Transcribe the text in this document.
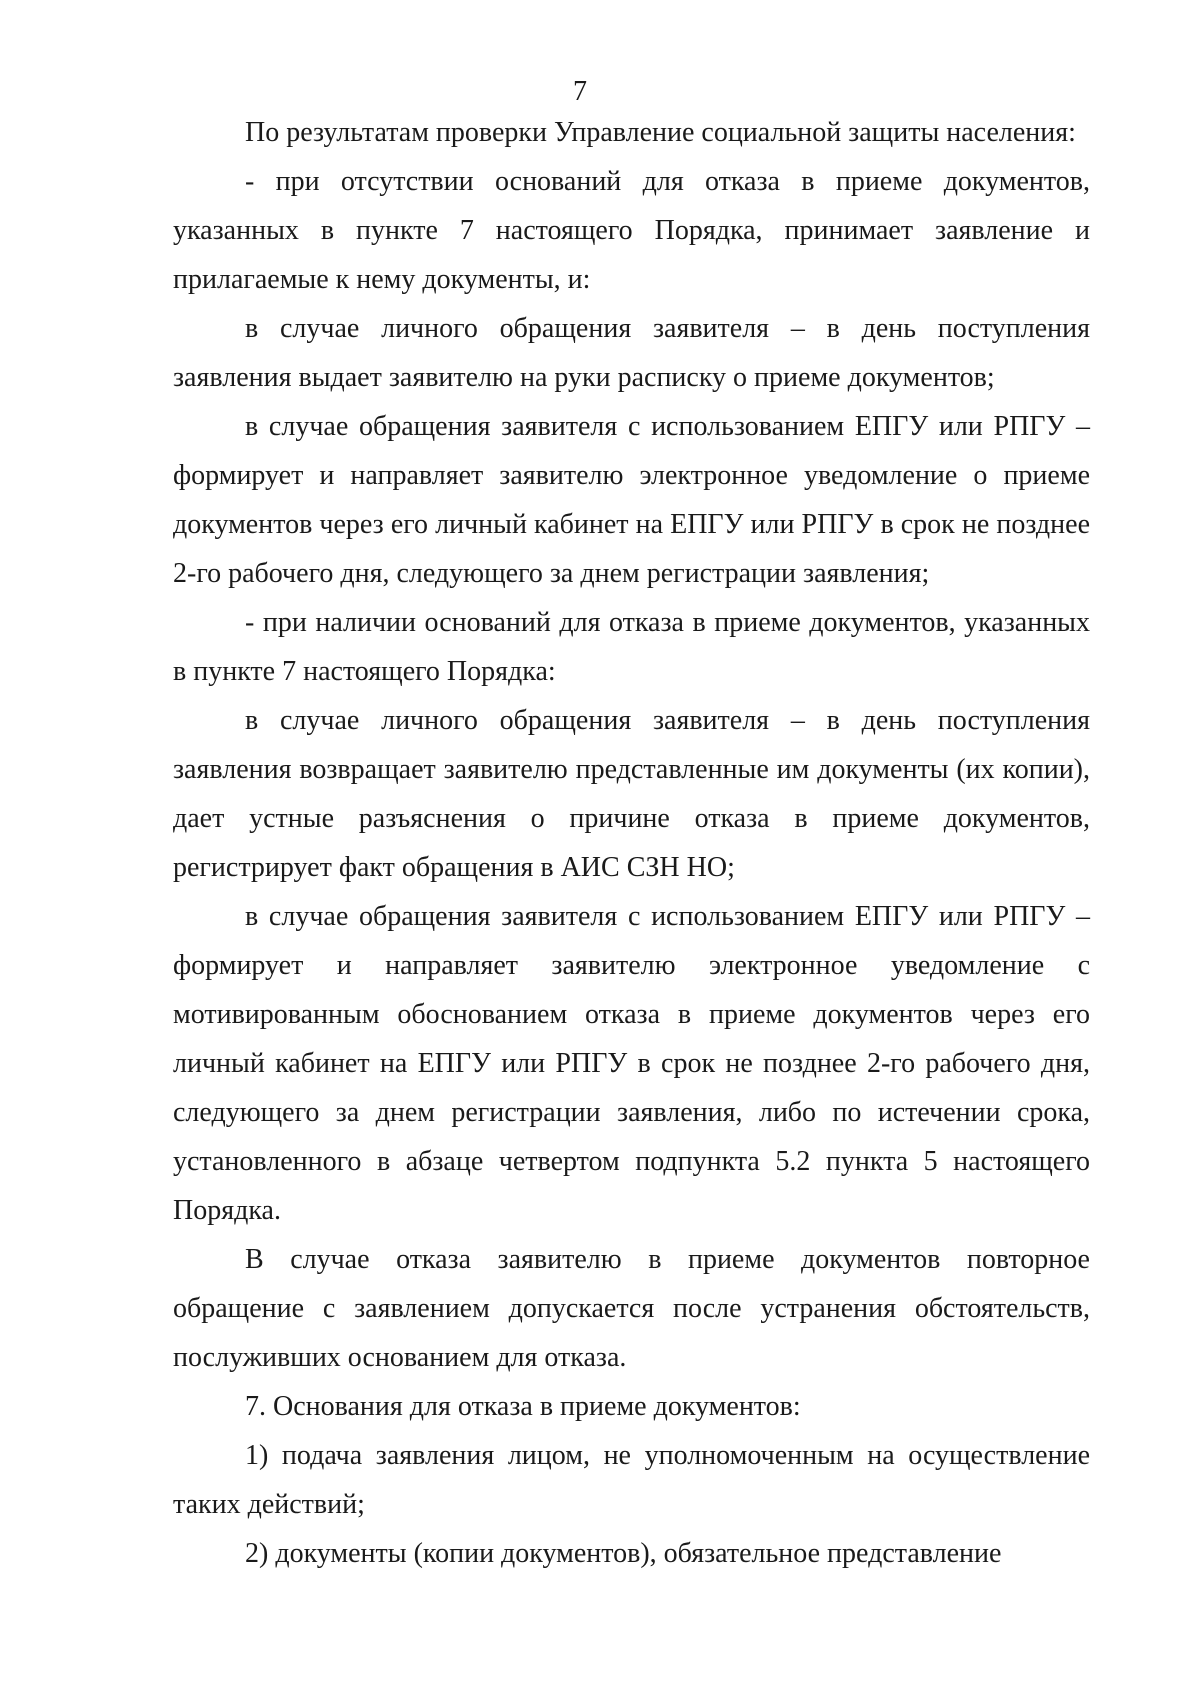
7

По результатам проверки Управление социальной защиты населения:

- при отсутствии оснований для отказа в приеме документов, указанных в пункте 7 настоящего Порядка, принимает заявление и прилагаемые к нему документы, и:

в случае личного обращения заявителя – в день поступления заявления выдает заявителю на руки расписку о приеме документов;

в случае обращения заявителя с использованием ЕПГУ или РПГУ – формирует и направляет заявителю электронное уведомление о приеме документов через его личный кабинет на ЕПГУ или РПГУ в срок не позднее 2-го рабочего дня, следующего за днем регистрации заявления;

- при наличии оснований для отказа в приеме документов, указанных в пункте 7 настоящего Порядка:

в случае личного обращения заявителя – в день поступления заявления возвращает заявителю представленные им документы (их копии), дает устные разъяснения о причине отказа в приеме документов, регистрирует факт обращения в АИС СЗН НО;

в случае обращения заявителя с использованием ЕПГУ или РПГУ – формирует и направляет заявителю электронное уведомление с мотивированным обоснованием отказа в приеме документов через его личный кабинет на ЕПГУ или РПГУ в срок не позднее 2-го рабочего дня, следующего за днем регистрации заявления, либо по истечении срока, установленного в абзаце четвертом подпункта 5.2 пункта 5 настоящего Порядка.

В случае отказа заявителю в приеме документов повторное обращение с заявлением допускается после устранения обстоятельств, послуживших основанием для отказа.

7. Основания для отказа в приеме документов:

1) подача заявления лицом, не уполномоченным на осуществление таких действий;

2) документы (копии документов), обязательное представление
